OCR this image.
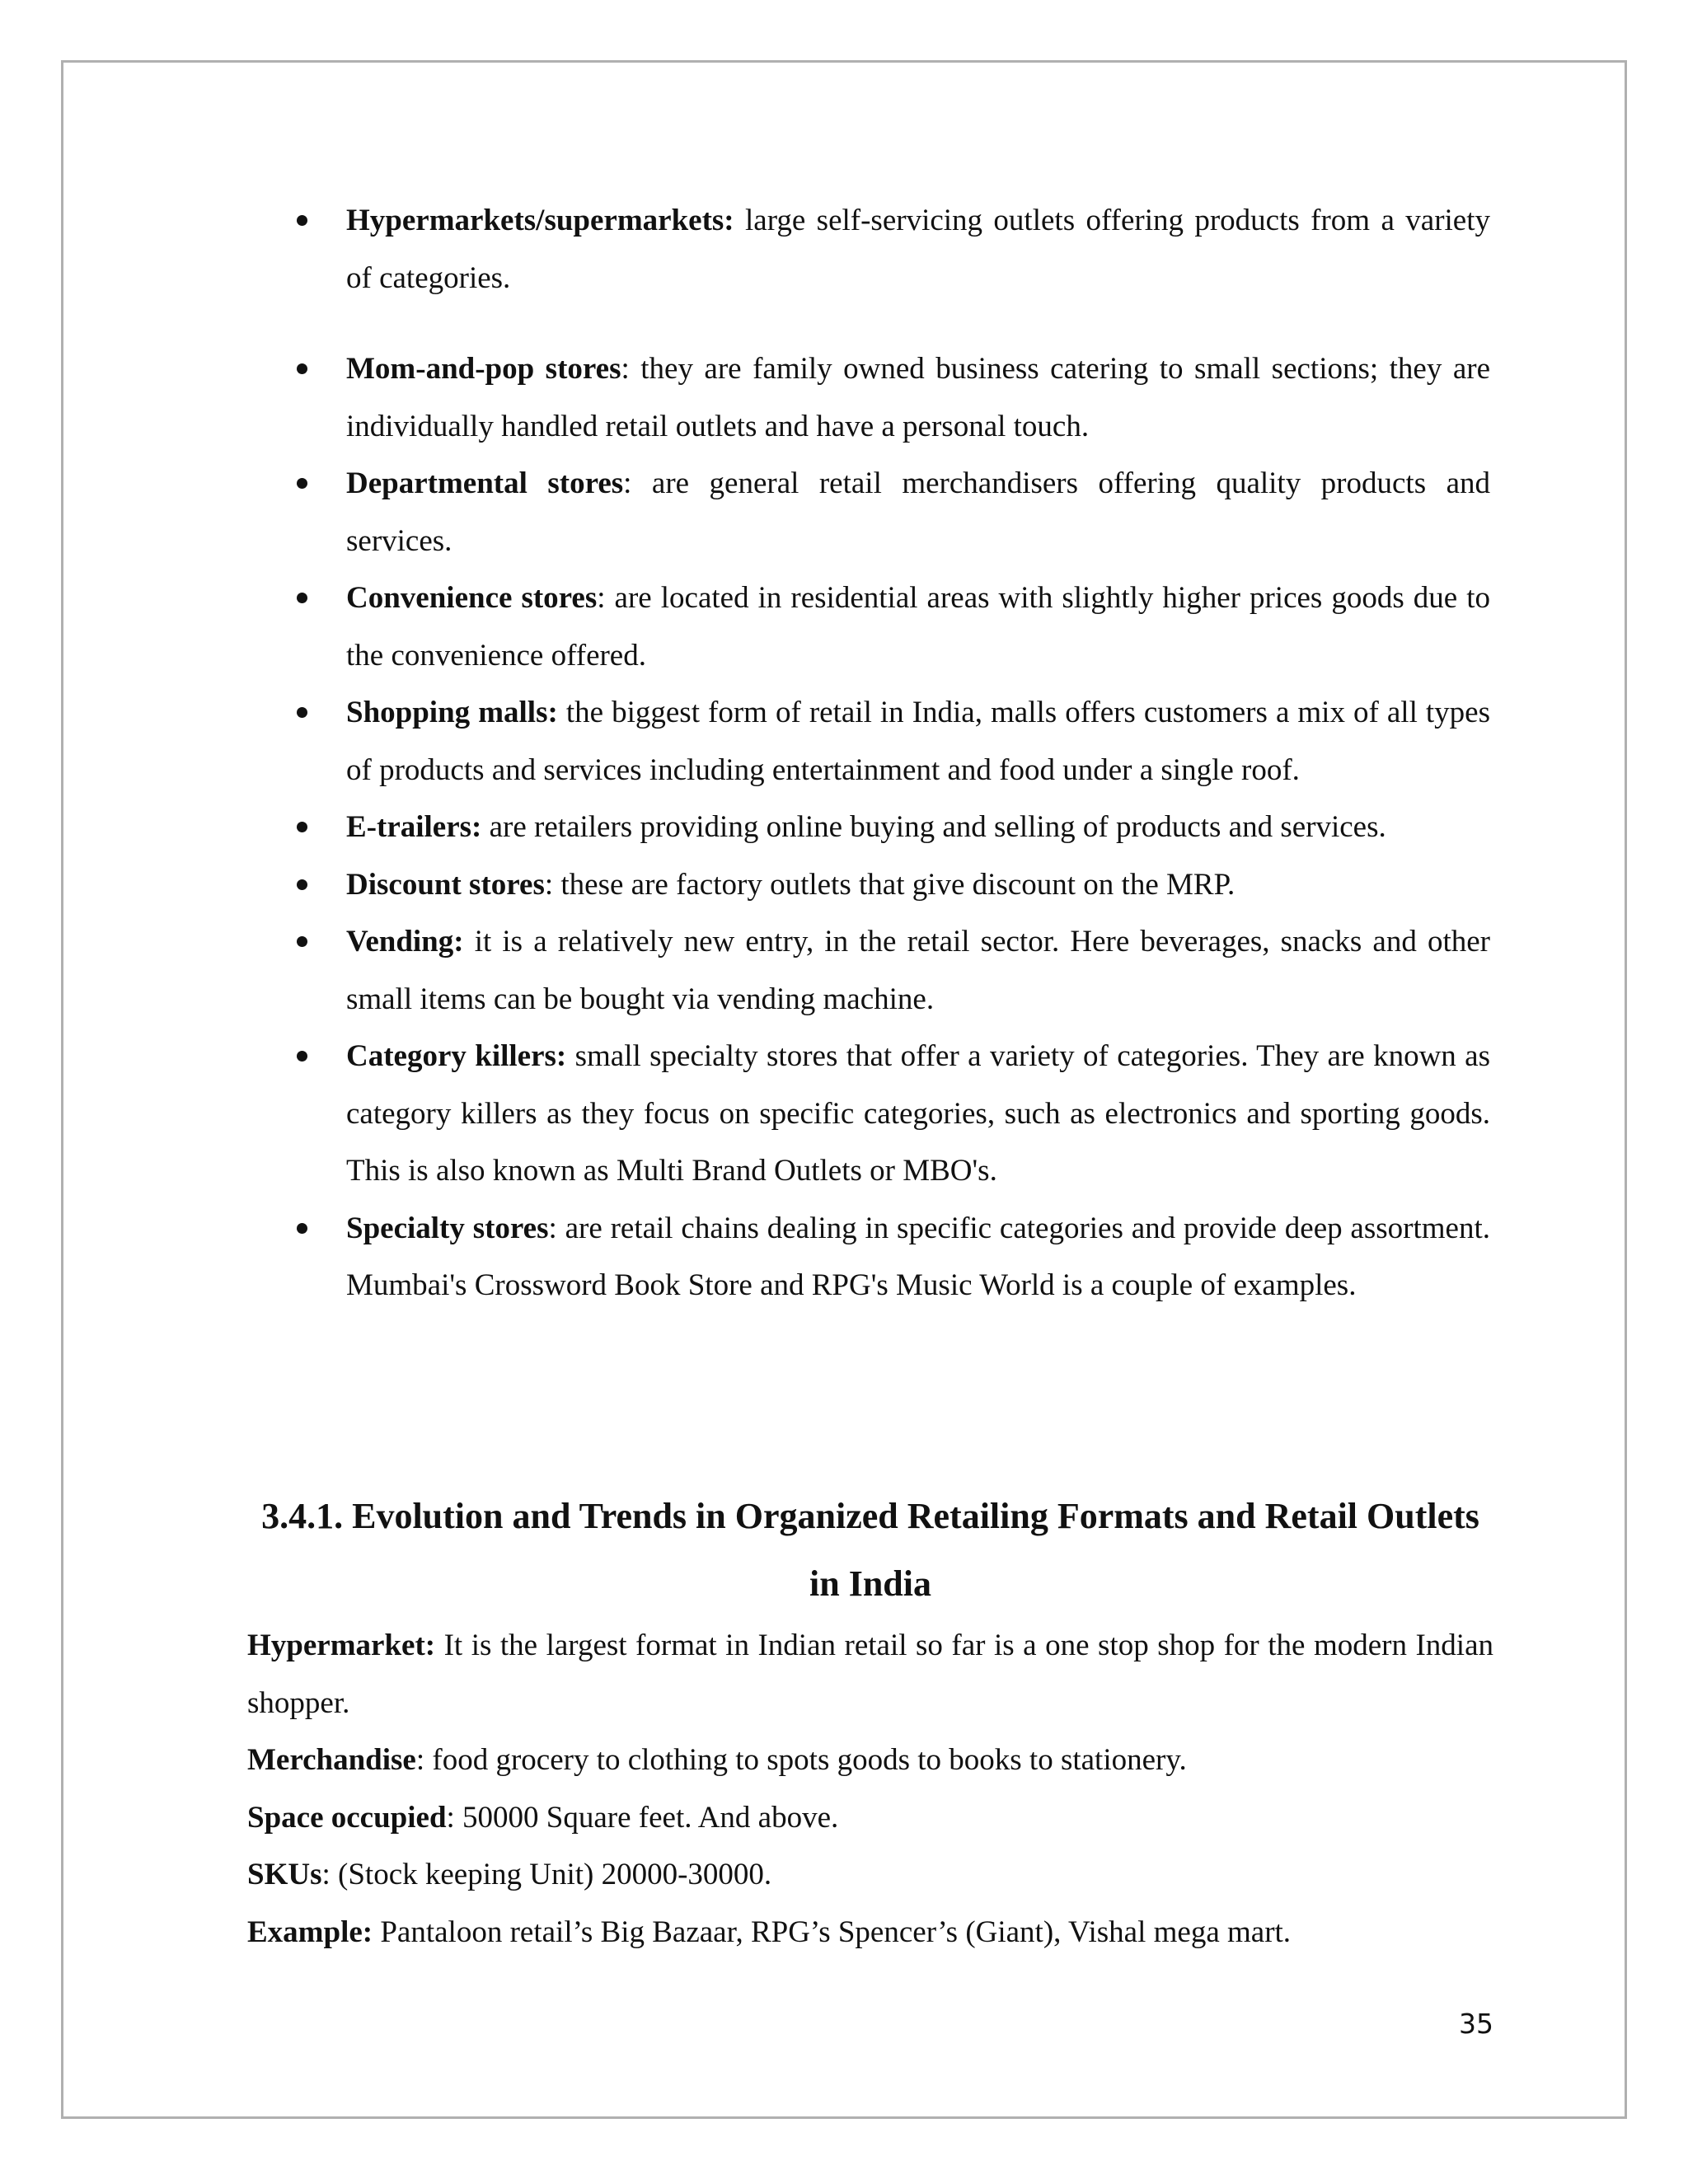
Hypermarkets/supermarkets: large self-servicing outlets offering products from a variety of categories.
Mom-and-pop stores: they are family owned business catering to small sections; they are individually handled retail outlets and have a personal touch.
Departmental stores: are general retail merchandisers offering quality products and services.
Convenience stores: are located in residential areas with slightly higher prices goods due to the convenience offered.
Shopping malls: the biggest form of retail in India, malls offers customers a mix of all types of products and services including entertainment and food under a single roof.
E-trailers: are retailers providing online buying and selling of products and services.
Discount stores: these are factory outlets that give discount on the MRP.
Vending: it is a relatively new entry, in the retail sector. Here beverages, snacks and other small items can be bought via vending machine.
Category killers: small specialty stores that offer a variety of categories. They are known as category killers as they focus on specific categories, such as electronics and sporting goods. This is also known as Multi Brand Outlets or MBO's.
Specialty stores: are retail chains dealing in specific categories and provide deep assortment. Mumbai's Crossword Book Store and RPG's Music World is a couple of examples.
3.4.1. Evolution and Trends in Organized Retailing Formats and Retail Outlets in India

Hypermarket: It is the largest format in Indian retail so far is a one stop shop for the modern Indian shopper.

Merchandise: food grocery to clothing to spots goods to books to stationery.

Space occupied: 50000 Square feet. And above.

SKUs: (Stock keeping Unit) 20000-30000.

Example: Pantaloon retail’s Big Bazaar, RPG’s Spencer’s (Giant), Vishal mega mart.

35
